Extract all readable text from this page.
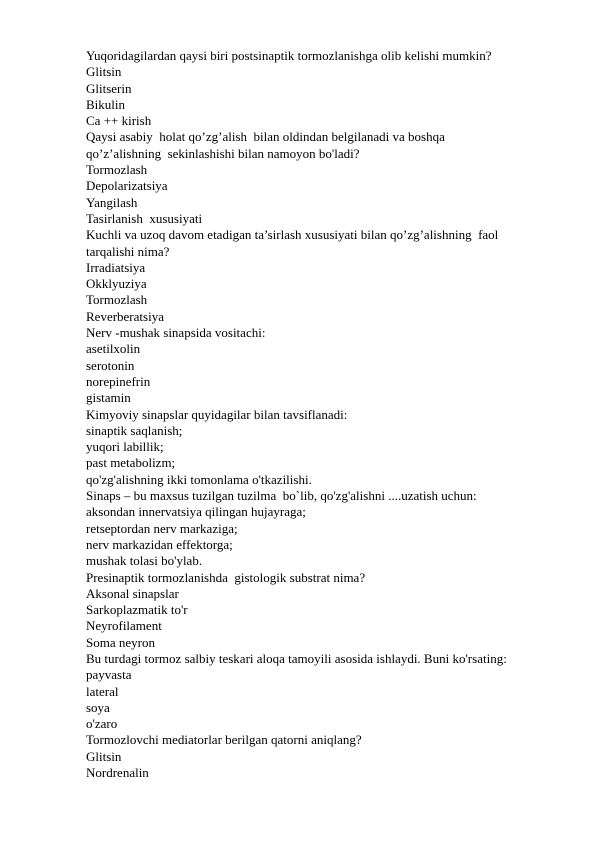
Yuqoridagilardan qaysi biri postsinaptik tormozlanishga olib kelishi mumkin?
Glitsin
Glitserin
Bikulin
Ca ++ kirish
Qaysi asabiy  holat qo’zg’alish  bilan oldindan belgilanadi va boshqa
qo’z’alishning  sekinlashishi bilan namoyon bo'ladi?
Tormozlash
Depolarizatsiya
Yangilash
Tasirlanish  xususiyati
Kuchli va uzoq davom etadigan ta’sirlash xususiyati bilan qo’zg’alishning  faol
tarqalishi nima?
Irradiatsiya
Okklyuziya
Tormozlash
Reverberatsiya
Nerv -mushak sinapsida vositachi:
asetilxolin
serotonin
norepinefrin
gistamin
Kimyoviy sinapslar quyidagilar bilan tavsiflanadi:
sinaptik saqlanish;
yuqori labillik;
past metabolizm;
qo'zg'alishning ikki tomonlama o'tkazilishi.
Sinaps – bu maxsus tuzilgan tuzilma  bo`lib, qo'zg'alishni ....uzatish uchun:
aksondan innervatsiya qilingan hujayraga;
retseptordan nerv markaziga;
nerv markazidan effektorga;
mushak tolasi bo'ylab.
Presinaptik tormozlanishda  gistologik substrat nima?
Aksonal sinapslar
Sarkoplazmatik to'r
Neyrofilament
Soma neyron
Bu turdagi tormoz salbiy teskari aloqa tamoyili asosida ishlaydi. Buni ko'rsating:
payvasta
lateral
soya
o'zaro
Tormozlovchi mediatorlar berilgan qatorni aniqlang?
Glitsin
Nordrenalin
